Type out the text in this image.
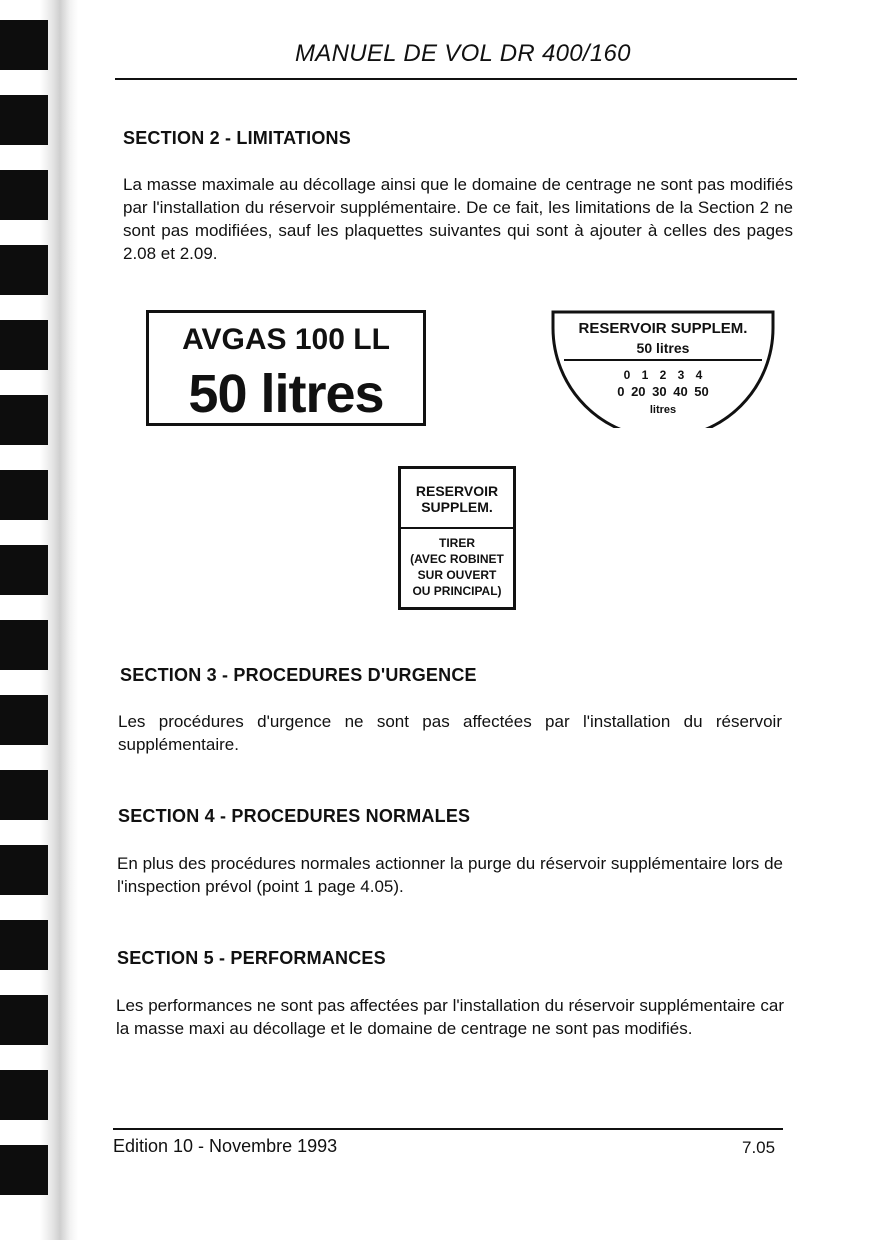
MANUEL DE VOL DR 400/160
SECTION 2 - LIMITATIONS
La masse maximale au décollage ainsi que le domaine de centrage ne sont pas modifiés par l'installation du réservoir supplémentaire. De ce fait, les limitations de la Section 2 ne sont pas modifiées, sauf les plaquettes suivantes qui sont à ajouter à celles des pages 2.08 et 2.09.
AVGAS 100 LL
50 litres
RESERVOIR SUPPLEM.
50 litres
0 1 2 3 4
0 20 30 40 50
litres
RESERVOIR
SUPPLEM.
TIRER
(AVEC ROBINET
SUR OUVERT
OU PRINCIPAL)
SECTION 3 - PROCEDURES D'URGENCE
Les procédures d'urgence ne sont pas affectées par l'installation du réservoir supplémentaire.
SECTION 4 - PROCEDURES NORMALES
En plus des procédures normales actionner la purge du réservoir supplémentaire lors de l'inspection prévol (point 1 page 4.05).
SECTION 5 - PERFORMANCES
Les performances ne sont pas affectées par l'installation du réservoir supplémentaire car la masse maxi au décollage et le domaine de centrage ne sont pas modifiés.
Edition 10 - Novembre 1993	7.05
